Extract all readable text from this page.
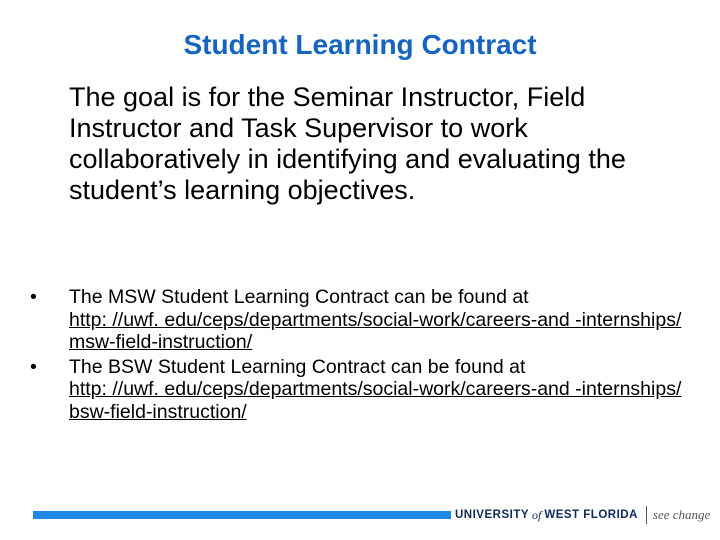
Student Learning Contract
The goal is for the Seminar Instructor, Field Instructor and Task Supervisor to work collaboratively in identifying and evaluating the student’s learning objectives.
•	The MSW Student Learning Contract can be found at
http: //uwf. edu/ceps/departments/social-work/careers-and -internships/msw-field-instruction/
•	The BSW Student Learning Contract can be found at
http: //uwf. edu/ceps/departments/social-work/careers-and -internships/bsw-field-instruction/
UNIVERSITY of WEST FLORIDA see change
